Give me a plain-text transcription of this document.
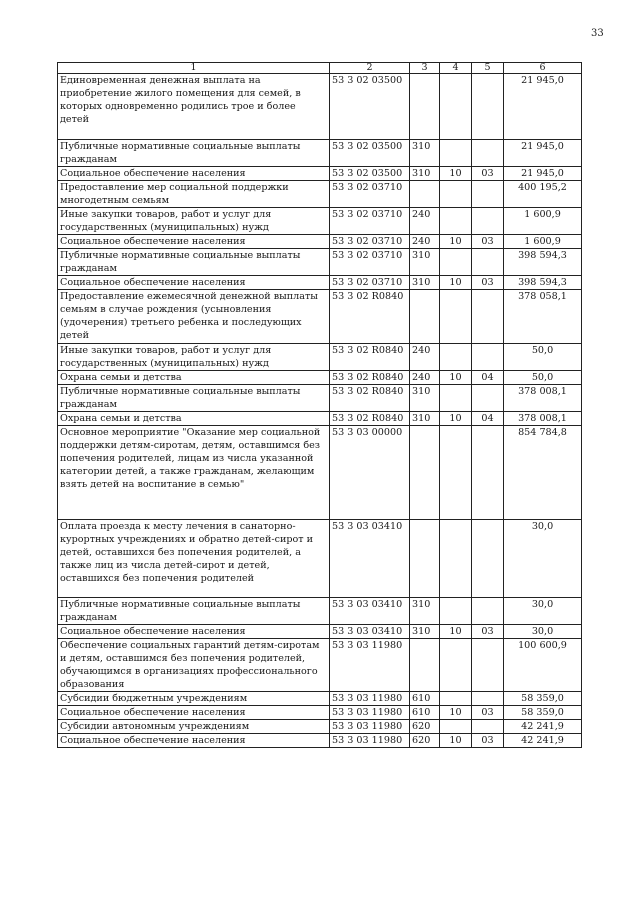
33
1	2	3	4	5	6
Единовременная денежная выплата на приобретение жилого помещения для семей, в которых одновременно родились трое и более детей	53 3 02 03500				21 945,0
Публичные нормативные социальные выплаты гражданам	53 3 02 03500	310			21 945,0
Социальное обеспечение населения	53 3 02 03500	310	10	03	21 945,0
Предоставление мер социальной поддержки многодетным семьям	53 3 02 03710				400 195,2
Иные закупки товаров, работ и услуг для государственных (муниципальных) нужд	53 3 02 03710	240			1 600,9
Социальное обеспечение населения	53 3 02 03710	240	10	03	1 600,9
Публичные нормативные социальные выплаты гражданам	53 3 02 03710	310			398 594,3
Социальное обеспечение населения	53 3 02 03710	310	10	03	398 594,3
Предоставление ежемесячной денежной выплаты семьям в случае рождения (усыновления (удочерения) третьего ребенка и последующих детей	53 3 02 R0840				378 058,1
Иные закупки товаров, работ и услуг для государственных (муниципальных) нужд	53 3 02 R0840	240			50,0
Охрана семьи и детства	53 3 02 R0840	240	10	04	50,0
Публичные нормативные социальные выплаты гражданам	53 3 02 R0840	310			378 008,1
Охрана семьи и детства	53 3 02 R0840	310	10	04	378 008,1
Основное мероприятие "Оказание мер социальной поддержки детям-сиротам, детям, оставшимся без попечения родителей, лицам из числа указанной категории детей, а также гражданам, желающим взять детей на воспитание в семью"	53 3 03 00000				854 784,8
Оплата проезда к месту лечения в санаторно-курортных учреждениях и обратно детей-сирот и детей, оставшихся без попечения родителей, а также лиц из числа детей-сирот и детей, оставшихся без попечения родителей	53 3 03 03410				30,0
Публичные нормативные социальные выплаты гражданам	53 3 03 03410	310			30,0
Социальное обеспечение населения	53 3 03 03410	310	10	03	30,0
Обеспечение социальных гарантий детям-сиротам и детям, оставшимся без попечения родителей, обучающимся в организациях профессионального образования	53 3 03 11980				100 600,9
Субсидии бюджетным учреждениям	53 3 03 11980	610			58 359,0
Социальное обеспечение населения	53 3 03 11980	610	10	03	58 359,0
Субсидии автономным учреждениям	53 3 03 11980	620			42 241,9
Социальное обеспечение населения	53 3 03 11980	620	10	03	42 241,9
